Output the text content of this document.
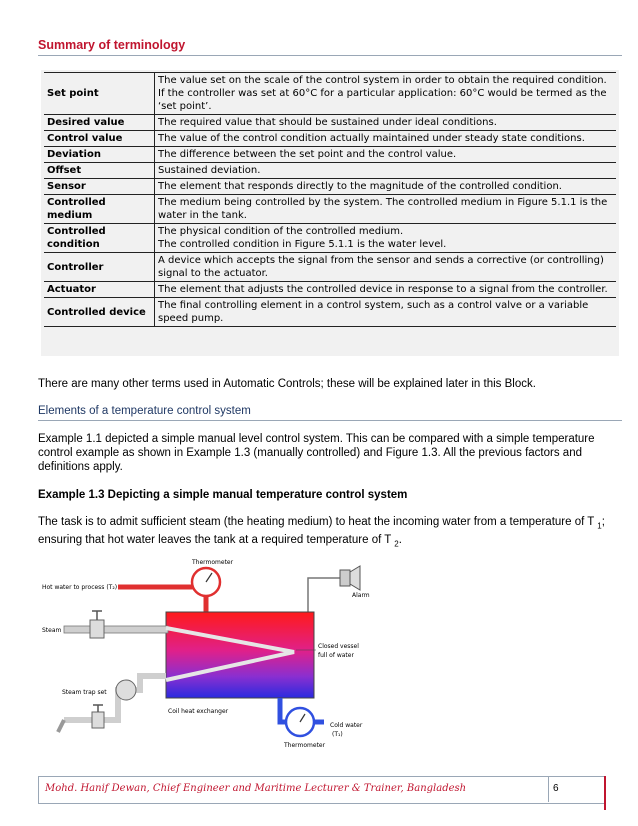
Summary of terminology
Set point	The value set on the scale of the control system in order to obtain the required condition.
If the controller was set at 60°C for a particular application: 60°C would be termed as the ‘set point’.

Desired value	The required value that should be sustained under ideal conditions.

Control value	The value of the control condition actually maintained under steady state conditions.

Deviation	The difference between the set point and the control value.

Offset	Sustained deviation.

Sensor	The element that responds directly to the magnitude of the controlled condition.

Controlled medium	The medium being controlled by the system. The controlled medium in Figure 5.1.1 is the
water in the tank.

Controlled condition	The physical condition of the controlled medium.
The controlled condition in Figure 5.1.1 is the water level.

Controller	A device which accepts the signal from the sensor and sends a corrective (or controlling)
signal to the actuator.

Actuator	The element that adjusts the controlled device in response to a signal from the controller.

Controlled device	The final controlling element in a control system, such as a control valve or a variable
speed pump.
There are many other terms used in Automatic Controls; these will be explained later in this Block.
Elements of a temperature control system
Example 1.1 depicted a simple manual level control system. This can be compared with a simple temperature control example as shown in Example 1.3 (manually controlled) and Figure 1.3. All the previous factors and definitions apply.
Example 1.3 Depicting a simple manual temperature control system
The task is to admit sufficient steam (the heating medium) to heat the incoming water from a temperature of T $_1$; ensuring that hot water leaves the tank at a required temperature of T $_2$.
Thermometer
Hot water to process (T₂)
Alarm
Steam
Closed vessel
full of water
Steam trap set
Coil heat exchanger
Cold water
(T₁)
Thermometer
Mohd. Hanif Dewan, Chief Engineer and Maritime Lecturer & Trainer, Bangladesh	6
